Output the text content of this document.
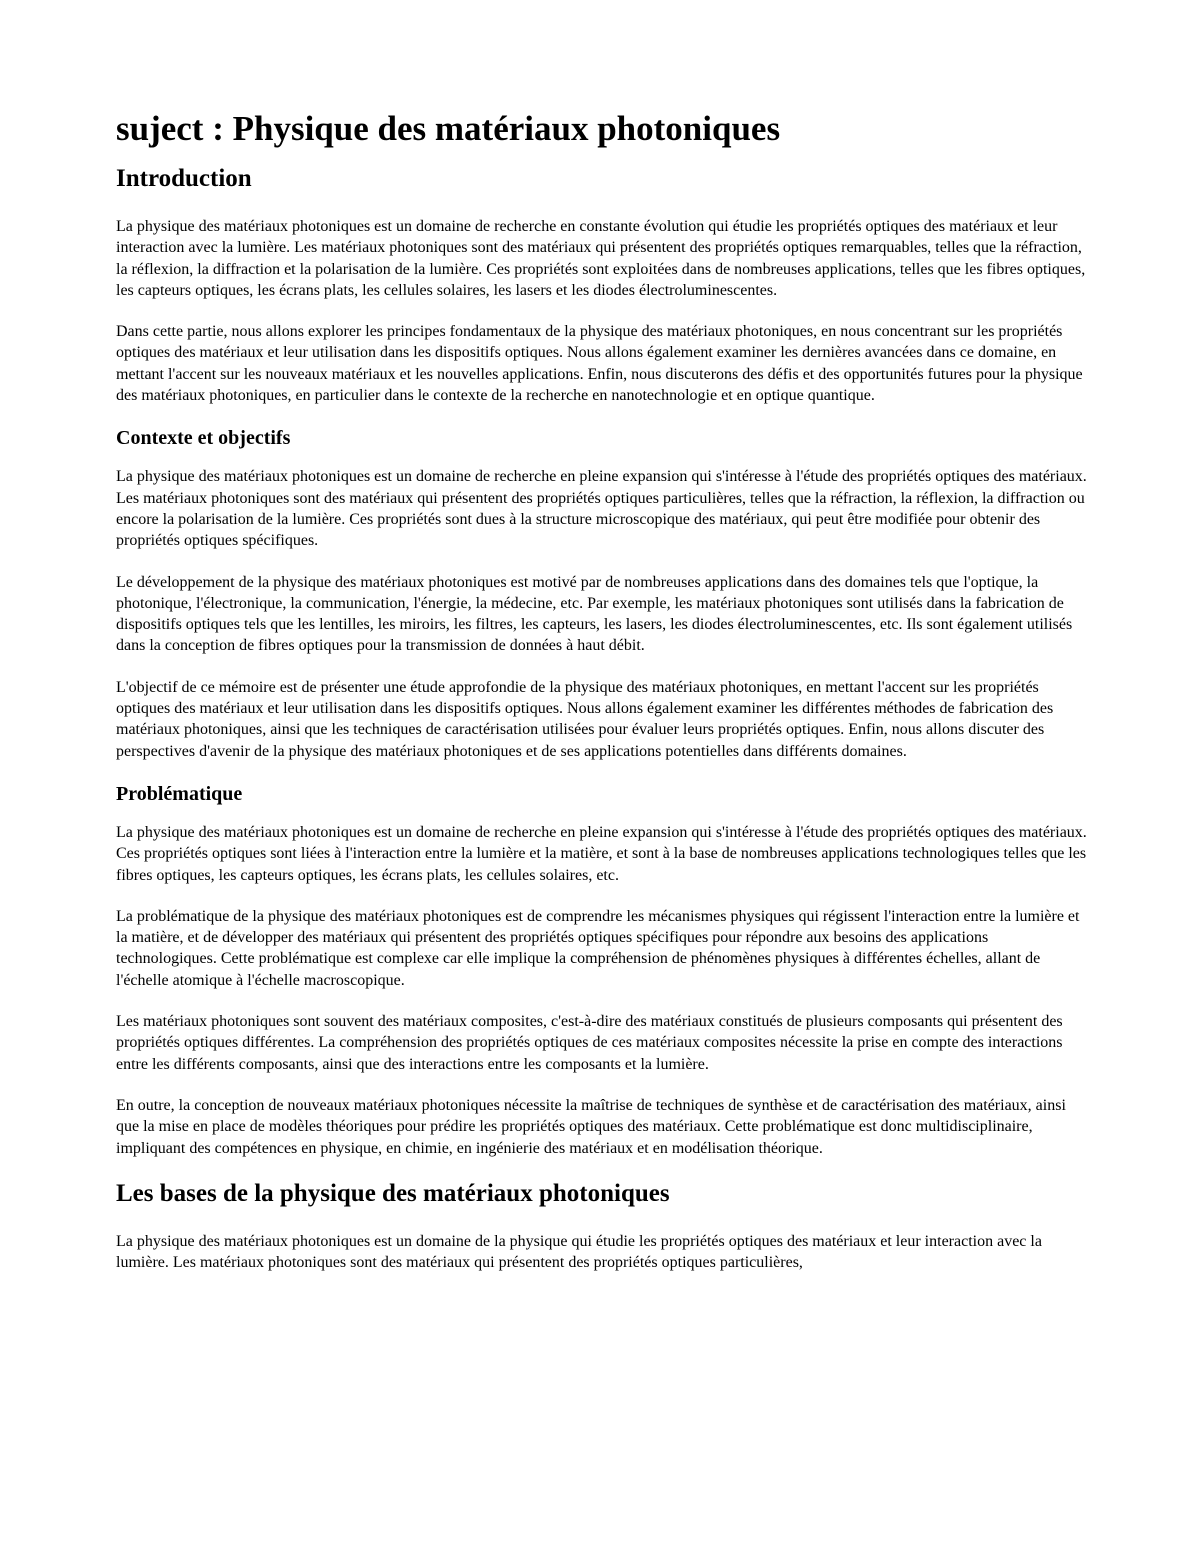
suject : Physique des matériaux photoniques
Introduction

La physique des matériaux photoniques est un domaine de recherche en constante évolution qui étudie les propriétés optiques des matériaux et leur interaction avec la lumière. Les matériaux photoniques sont des matériaux qui présentent des propriétés optiques remarquables, telles que la réfraction, la réflexion, la diffraction et la polarisation de la lumière. Ces propriétés sont exploitées dans de nombreuses applications, telles que les fibres optiques, les capteurs optiques, les écrans plats, les cellules solaires, les lasers et les diodes électroluminescentes.

Dans cette partie, nous allons explorer les principes fondamentaux de la physique des matériaux photoniques, en nous concentrant sur les propriétés optiques des matériaux et leur utilisation dans les dispositifs optiques. Nous allons également examiner les dernières avancées dans ce domaine, en mettant l'accent sur les nouveaux matériaux et les nouvelles applications. Enfin, nous discuterons des défis et des opportunités futures pour la physique des matériaux photoniques, en particulier dans le contexte de la recherche en nanotechnologie et en optique quantique.

Contexte et objectifs

La physique des matériaux photoniques est un domaine de recherche en pleine expansion qui s'intéresse à l'étude des propriétés optiques des matériaux. Les matériaux photoniques sont des matériaux qui présentent des propriétés optiques particulières, telles que la réfraction, la réflexion, la diffraction ou encore la polarisation de la lumière. Ces propriétés sont dues à la structure microscopique des matériaux, qui peut être modifiée pour obtenir des propriétés optiques spécifiques.

Le développement de la physique des matériaux photoniques est motivé par de nombreuses applications dans des domaines tels que l'optique, la photonique, l'électronique, la communication, l'énergie, la médecine, etc. Par exemple, les matériaux photoniques sont utilisés dans la fabrication de dispositifs optiques tels que les lentilles, les miroirs, les filtres, les capteurs, les lasers, les diodes électroluminescentes, etc. Ils sont également utilisés dans la conception de fibres optiques pour la transmission de données à haut débit.

L'objectif de ce mémoire est de présenter une étude approfondie de la physique des matériaux photoniques, en mettant l'accent sur les propriétés optiques des matériaux et leur utilisation dans les dispositifs optiques. Nous allons également examiner les différentes méthodes de fabrication des matériaux photoniques, ainsi que les techniques de caractérisation utilisées pour évaluer leurs propriétés optiques. Enfin, nous allons discuter des perspectives d'avenir de la physique des matériaux photoniques et de ses applications potentielles dans différents domaines.

Problématique

La physique des matériaux photoniques est un domaine de recherche en pleine expansion qui s'intéresse à l'étude des propriétés optiques des matériaux. Ces propriétés optiques sont liées à l'interaction entre la lumière et la matière, et sont à la base de nombreuses applications technologiques telles que les fibres optiques, les capteurs optiques, les écrans plats, les cellules solaires, etc.

La problématique de la physique des matériaux photoniques est de comprendre les mécanismes physiques qui régissent l'interaction entre la lumière et la matière, et de développer des matériaux qui présentent des propriétés optiques spécifiques pour répondre aux besoins des applications technologiques. Cette problématique est complexe car elle implique la compréhension de phénomènes physiques à différentes échelles, allant de l'échelle atomique à l'échelle macroscopique.

Les matériaux photoniques sont souvent des matériaux composites, c'est-à-dire des matériaux constitués de plusieurs composants qui présentent des propriétés optiques différentes. La compréhension des propriétés optiques de ces matériaux composites nécessite la prise en compte des interactions entre les différents composants, ainsi que des interactions entre les composants et la lumière.

En outre, la conception de nouveaux matériaux photoniques nécessite la maîtrise de techniques de synthèse et de caractérisation des matériaux, ainsi que la mise en place de modèles théoriques pour prédire les propriétés optiques des matériaux. Cette problématique est donc multidisciplinaire, impliquant des compétences en physique, en chimie, en ingénierie des matériaux et en modélisation théorique.

Les bases de la physique des matériaux photoniques

La physique des matériaux photoniques est un domaine de la physique qui étudie les propriétés optiques des matériaux et leur interaction avec la lumière. Les matériaux photoniques sont des matériaux qui présentent des propriétés optiques particulières,
